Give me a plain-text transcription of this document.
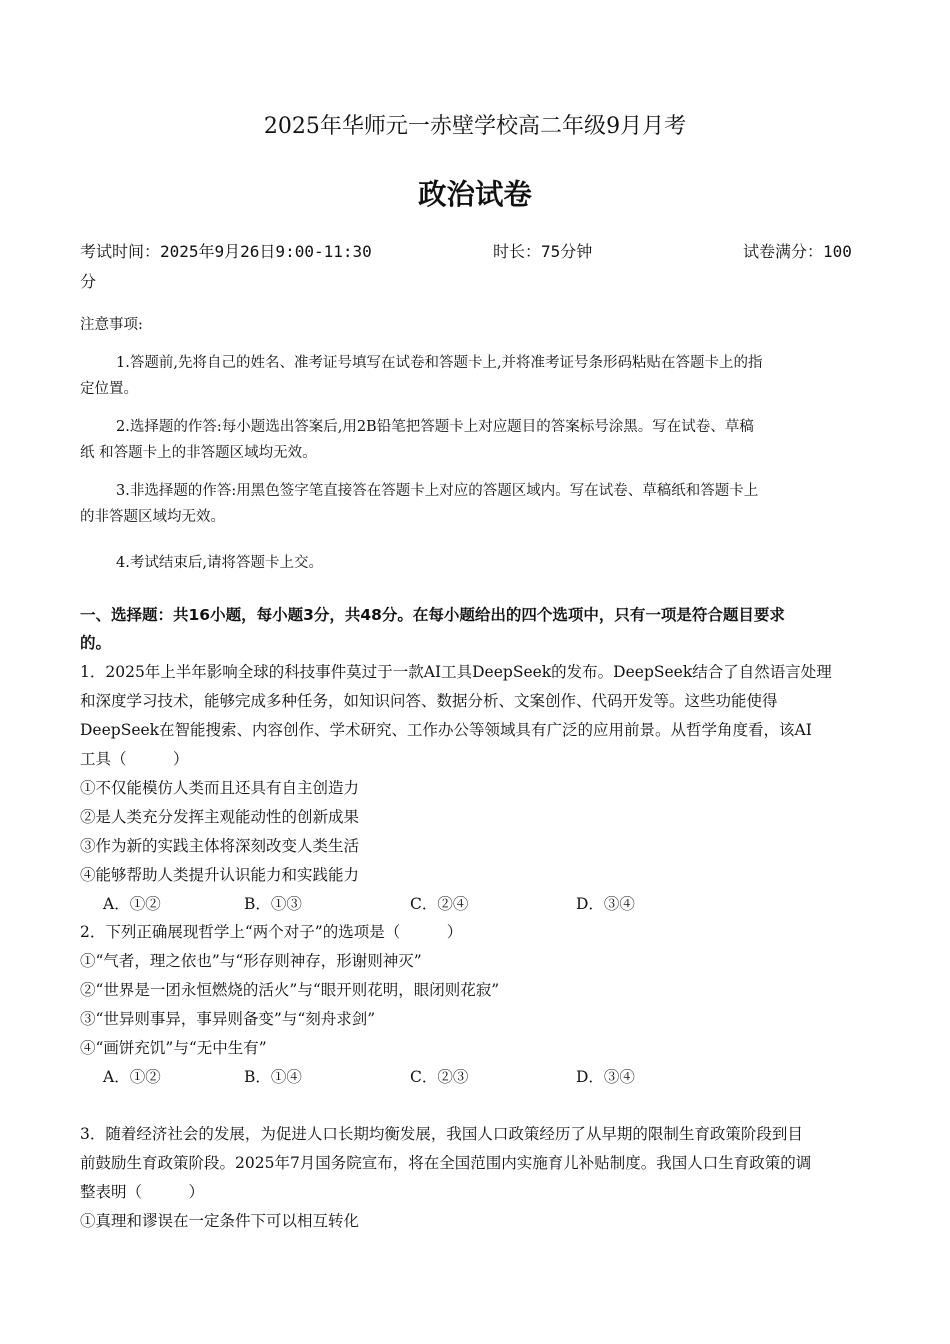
2025年华师元一赤壁学校高二年级9月月考
政治试卷
考试时间：2025年9月26日9:00-11:30	时长：75分钟	试卷满分：100
分
注意事项:
1.答题前,先将自己的姓名、准考证号填写在试卷和答题卡上,并将准考证号条形码粘贴在答题卡上的指
定位置。
2.选择题的作答:每小题选出答案后,用2B铅笔把答题卡上对应题目的答案标号涂黑。写在试卷、草稿
纸 和答题卡上的非答题区域均无效。
3.非选择题的作答:用黑色签字笔直接答在答题卡上对应的答题区域内。写在试卷、草稿纸和答题卡上
的非答题区域均无效。
4.考试结束后,请将答题卡上交。
一、选择题：共16小题，每小题3分，共48分。在每小题给出的四个选项中，只有一项是符合题目要求
的。
1．2025年上半年影响全球的科技事件莫过于一款AI工具DeepSeek的发布。DeepSeek结合了自然语言处理
和深度学习技术，能够完成多种任务，如知识问答、数据分析、文案创作、代码开发等。这些功能使得
DeepSeek在智能搜索、内容创作、学术研究、工作办公等领域具有广泛的应用前景。从哲学角度看，该AI
工具（　　　）
①不仅能模仿人类而且还具有自主创造力
②是人类充分发挥主观能动性的创新成果
③作为新的实践主体将深刻改变人类生活
④能够帮助人类提升认识能力和实践能力
A．①②	B．①③	C．②④	D．③④
2．下列正确展现哲学上“两个对子”的选项是（　　　）
①“气者，理之依也”与“形存则神存，形谢则神灭”
②“世界是一团永恒燃烧的活火”与“眼开则花明，眼闭则花寂”
③“世异则事异，事异则备变”与“刻舟求剑”
④“画饼充饥”与“无中生有”
A．①②	B．①④	C．②③	D．③④
3．随着经济社会的发展，为促进人口长期均衡发展，我国人口政策经历了从早期的限制生育政策阶段到目
前鼓励生育政策阶段。2025年7月国务院宣布，将在全国范围内实施育儿补贴制度。我国人口生育政策的调
整表明（　　　）
①真理和谬误在一定条件下可以相互转化
